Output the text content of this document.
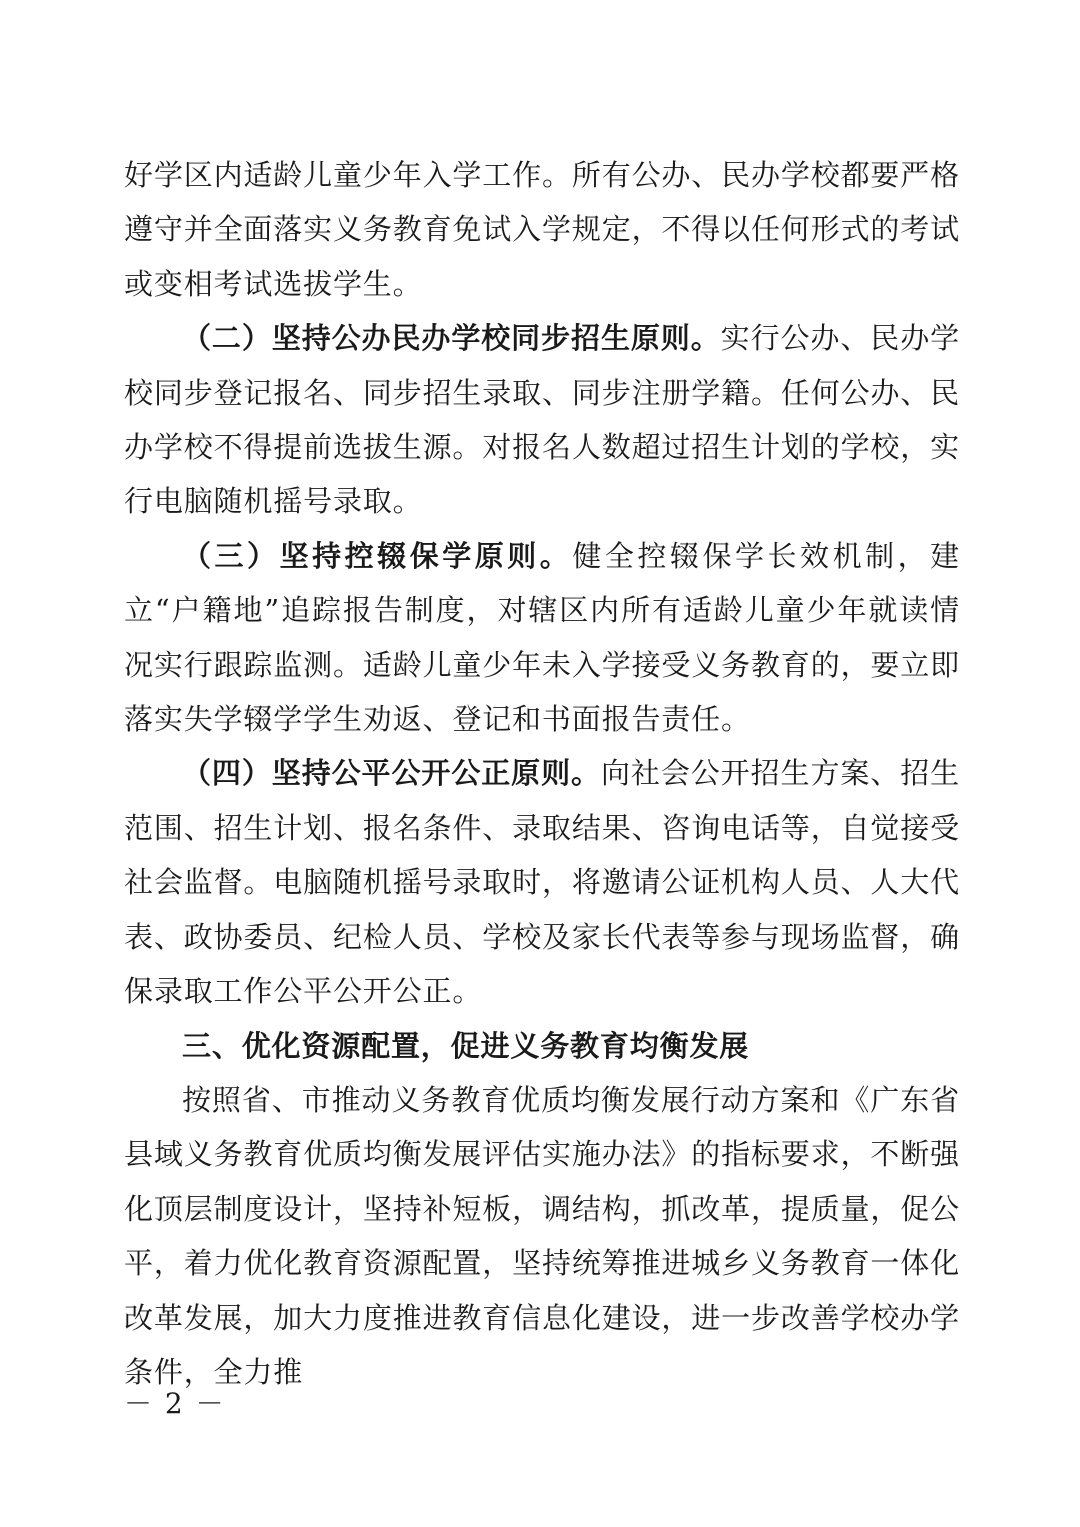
好学区内适龄儿童少年入学工作。所有公办、民办学校都要严格遵守并全面落实义务教育免试入学规定，不得以任何形式的考试或变相考试选拔学生。

（二）坚持公办民办学校同步招生原则。实行公办、民办学校同步登记报名、同步招生录取、同步注册学籍。任何公办、民办学校不得提前选拔生源。对报名人数超过招生计划的学校，实行电脑随机摇号录取。

（三）坚持控辍保学原则。健全控辍保学长效机制，建立“户籍地”追踪报告制度，对辖区内所有适龄儿童少年就读情况实行跟踪监测。适龄儿童少年未入学接受义务教育的，要立即落实失学辍学学生劝返、登记和书面报告责任。

（四）坚持公平公开公正原则。向社会公开招生方案、招生范围、招生计划、报名条件、录取结果、咨询电话等，自觉接受社会监督。电脑随机摇号录取时，将邀请公证机构人员、人大代表、政协委员、纪检人员、学校及家长代表等参与现场监督，确保录取工作公平公开公正。

三、优化资源配置，促进义务教育均衡发展

按照省、市推动义务教育优质均衡发展行动方案和《广东省县域义务教育优质均衡发展评估实施办法》的指标要求，不断强化顶层制度设计，坚持补短板，调结构，抓改革，提质量，促公平，着力优化教育资源配置，坚持统筹推进城乡义务教育一体化改革发展，加大力度推进教育信息化建设，进一步改善学校办学条件，全力推

－ 2 －
